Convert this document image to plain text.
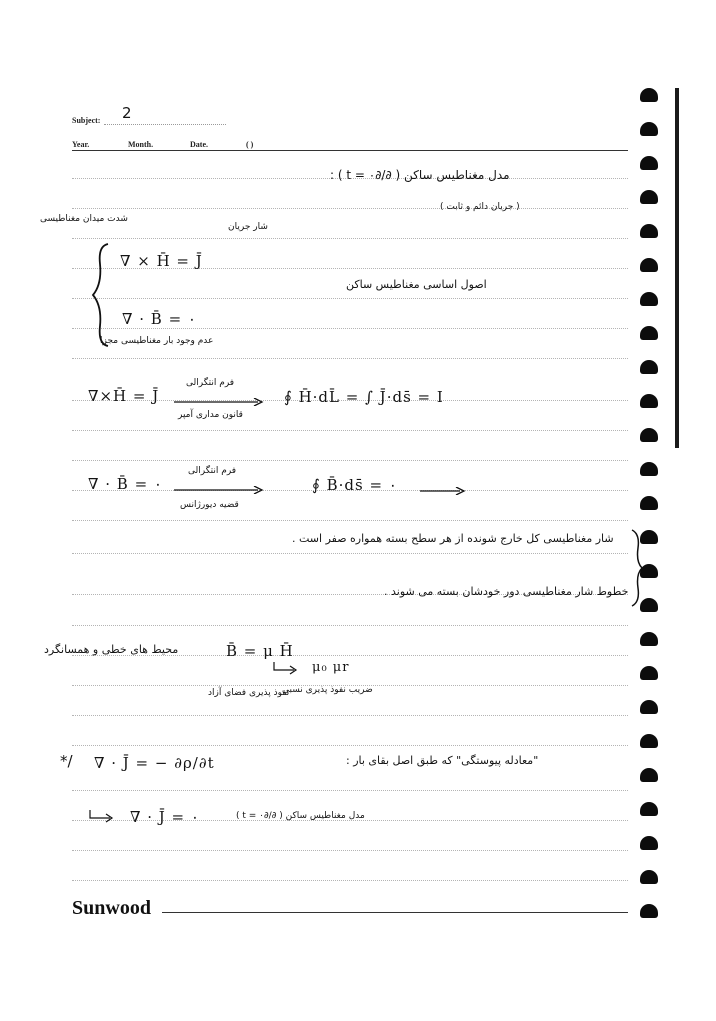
Subject: 2
Year.	Month.	Date.	( )
مدل مغناطیس ساکن ( ∂/∂t = ۰ ) :
( جریان دائم و ثابت )
شدت میدان مغناطیسی
شار جریان
∇ × H̄ = J̄
∇ · B̄ = ۰
اصول اساسی مغناطیس ساکن
عدم وجود بار مغناطیسی مجزا
∇×H̄ = J̄
فرم انتگرالی
قانون مداری آمپر
∮ H̄·dL̄ = ∫ J̄·ds̄ = I
∇ · B̄ = ۰
فرم انتگرالی
قضیه دیورژانس
∮ B̄·ds̄ = ۰
شار مغناطیسی کل خارج شونده از هر سطح بسته همواره صفر است .
خطوط شار مغناطیسی دور خودشان بسته می شوند .
محیط های خطی و همسانگرد	B̄ = μ H̄
μ₀ μr
ضریب نفوذ پذیری نسبی
نفوذ پذیری فضای آزاد
*/ ∇ · J̄ = − ∂ρ/∂t	"معادله پیوستگی" که طبق اصل بقای بار :
∇ · J̄ = ۰	مدل مغناطیس ساکن ( ∂/∂t = ۰ )
Sunwood
